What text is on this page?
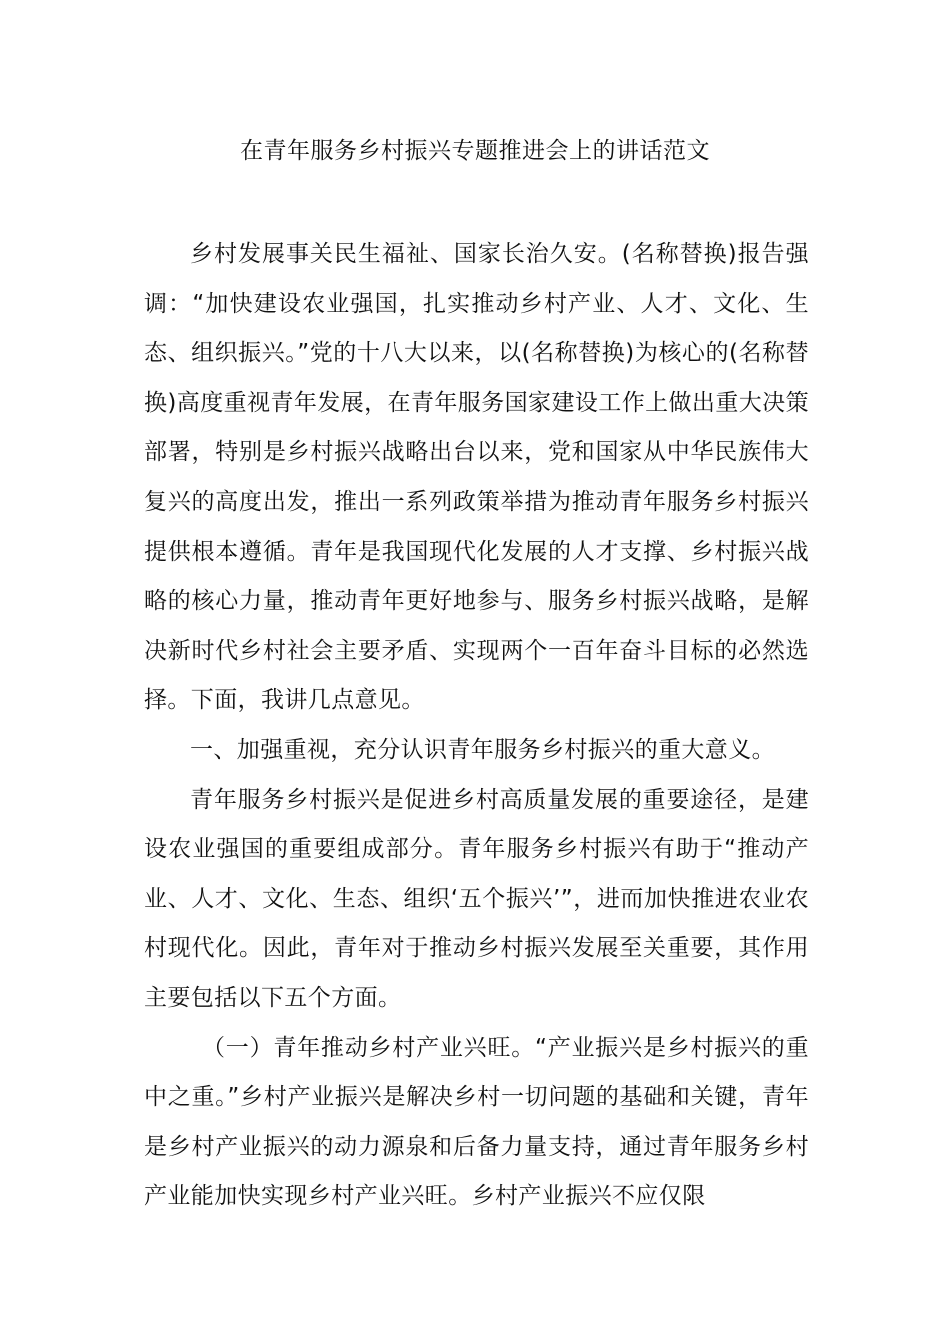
在青年服务乡村振兴专题推进会上的讲话范文

乡村发展事关民生福祉、国家长治久安。(名称替换)报告强调：“加快建设农业强国，扎实推动乡村产业、人才、文化、生态、组织振兴。”党的十八大以来，以(名称替换)为核心的(名称替换)高度重视青年发展，在青年服务国家建设工作上做出重大决策部署，特别是乡村振兴战略出台以来，党和国家从中华民族伟大复兴的高度出发，推出一系列政策举措为推动青年服务乡村振兴提供根本遵循。青年是我国现代化发展的人才支撑、乡村振兴战略的核心力量，推动青年更好地参与、服务乡村振兴战略，是解决新时代乡村社会主要矛盾、实现两个一百年奋斗目标的必然选择。下面，我讲几点意见。

一、加强重视，充分认识青年服务乡村振兴的重大意义。

青年服务乡村振兴是促进乡村高质量发展的重要途径，是建设农业强国的重要组成部分。青年服务乡村振兴有助于“推动产业、人才、文化、生态、组织‘五个振兴’”，进而加快推进农业农村现代化。因此，青年对于推动乡村振兴发展至关重要，其作用主要包括以下五个方面。

（一）青年推动乡村产业兴旺。“产业振兴是乡村振兴的重中之重。”乡村产业振兴是解决乡村一切问题的基础和关键，青年是乡村产业振兴的动力源泉和后备力量支持，通过青年服务乡村产业能加快实现乡村产业兴旺。乡村产业振兴不应仅限
